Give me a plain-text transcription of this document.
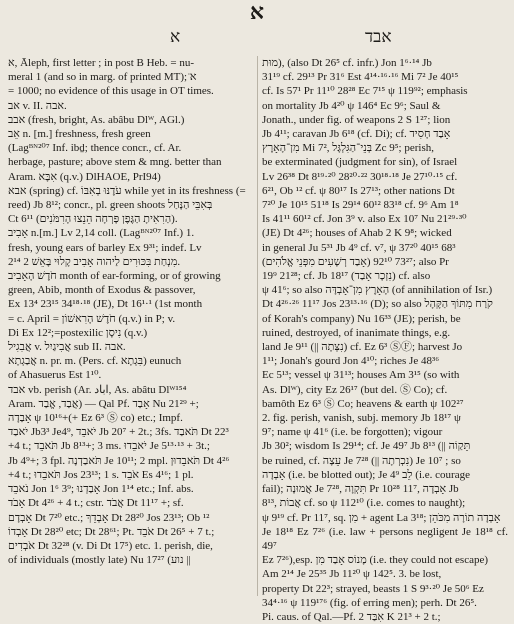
א
א	אבד
א, Āleph, first letter ; in post B Heb. = nu-
meral 1 (and so in marg. of printed MT); א̈
= 1000; no evidence of this usage in OT times.
אב v. II. אבה.
אבב (fresh, bright, As. abâbu Dlᵂ, AGl.)
אֵב n. [m.] freshness, fresh green
(Lagᴮᴺ²⁰⁷ Inf. ibḏ; thence concr., cf. Ar.
herbage, pasture; above stem & mng. better than
Aram. אִבָּא (q.v.) DlHAOE, PrI94)
אבא (spring) cf. עֹדֶנּוּ בְאִבּוֹ while yet in its freshness (=
reed) Jb 8¹²; concr., pl. green shoots בְּאִבֵּי הַנָּחַל
Ct 6¹¹ (הַרִאִיתָ הַגֶּפֶן פָּרְחָה הֵנֵצוּ הָרִמֹּנִים).
אָבִיב n.[m.] Lv 2,14 coll. (Lagᴮᴺ²⁰⁷ Inf.) 1.
fresh, young ears of barley Ex 9³¹; indef. Lv
2¹⁴ מִנְחַת בִּכּוּרִים לַיהוה אָבִיב קָלוּי בָּאֵשׁ 2.
חֹדֶשׁ הָאָבִיב month of ear-forming, or of growing
green, Abib, month of Exodus & passover,
Ex 13⁴ 23¹⁵ 34¹⁸·¹⁸ (JE), Dt 16¹·¹ (1st month
= c. April = חֹדֶשׁ הָרִאשׁוֹן (q.v.) in P; v.
Di Ex 12²;=postexilic נִיסָן (q.v.)
אֲבִגִיל v. אֲבִיגַיִל sub II. אבה.
אֲבַגְתָא n. pr. m. (Pers. cf. בִּגְתָא) eunuch
of Ahasuerus Est 1¹⁰.
אבד vb. perish (Ar. اباد, As. abâtu Dlᵂ¹⁵⁴
Aram. אֲבַד, אֱבַד) — Qal Pf. אָבַד Nu 21²⁹ +;
אָבַדָה ψ 10¹⁶+(+ Ez 6³ Ⓢ co) etc.; Impf.
יֹאבַד Jb3³ Je4⁹, יֹאבֵד Jb 20⁷ + 2t.; 3fs. תֹּאבַד Dt 22³
+4 t.; תֹּאבֵד Jb 8¹³+; 3 ms. יֹאבֵדוּ Je 5¹³·¹³ + 3t.;
Jb 4⁹+; 3 fpl. תֹּאבַדְנָה Je 10¹¹; 2 mpl. תֹּאבֵדוּן Dt 4²⁶
+4 t.; תֹּאבֵדוּ Jos 23¹³; 1 s. אֹבֵד Es 4¹⁶; 1 pl.
נֹאבֵד Jon 1⁶ 3⁹; אָבַדְנוּ Jon 1¹⁴ etc.; Inf. abs.
אָבֹד Dt 4²⁶ + 4 t.; cstr. אֲבֹד Dt 11¹⁷ +; sf.
אָבְדָם Dt 7²⁰ etc.; אָבְדֵךְ Dt 28²⁰ Jos 23¹³; Ob ¹²
אָבְדוֹ Dt 28²⁰ etc; Dt 28⁶¹; Pt. אֹבֵד Dt 26⁵ + 7 t.;
אֹבְדִים Dt 32²⁸ (v. Di Dt 17⁵) etc. 1. perish, die,
of individuals (mostly late) Nu 17²⁷ (נוע ||
מוּת), (also Dt 26⁵ cf. infr.) Jon 1⁶·¹⁴ Jb
31¹⁹ cf. 29¹³ Pr 31⁶ Est 4¹⁴·¹⁶·¹⁶ Mi 7² Je 40¹⁵
cf. Is 57¹ Pr 11¹⁰ 28²⁸ Ec 7¹⁵ ψ 119⁹²; emphasis
on mortality Jb 4²⁰ ψ 146⁴ Ec 9⁶; Saul &
Jonath., under fig. of weapons 2 S 1²⁷; lion
Jb 4¹¹; caravan Jb 6¹⁸ (cf. Di); cf. אָבַד חָסִיד
מִן־הָאָרֶץ Mi 7², בְּנֵי־הַגִּלְגָּל Zc 9⁵; perish,
be exterminated (judgment for sin), of Israel
Lv 26³⁸ Dt 8¹⁹·²⁰ 28²⁰·²² 30¹⁸·¹⁸ Je 27¹⁰·¹⁵ cf.
6²¹, Ob ¹² cf. ψ 80¹⁷ Is 27¹³; other nations Dt
7²⁰ Je 10¹⁵ 51¹⁸ Is 29¹⁴ 60¹² 83¹⁸ cf. 9⁶ Am 1⁸
Is 41¹¹ 60¹² cf. Jon 3⁹ v. also Ex 10⁷ Nu 21²⁹·³⁰
(JE) Dt 4²⁶; houses of Ahab 2 K 9⁸; wicked
in general Ju 5³¹ Jb 4⁹ cf. v⁷, ψ 37²⁰ 40¹⁵ 68³
(אָבַד רְשָׁעִים מִפְּנֵי אֱלֹהִים) 73²⁷ 92¹⁰; also Pr
19⁹ 21²⁸; cf. Jb 18¹⁷ (נִזְכָר אָבַד) cf. also
ψ 41⁶; so also הָאָרֶץ מִן־אָבְדָּה (of annihilation of Isr.)
Dt 4²⁶·²⁶ 11¹⁷ Jos 23¹³·¹⁶ (D); so also קֹרַח מִתּוֹךְ הַקָּהָל
of Korah's company) Nu 16³³ (JE); perish, be
ruined, destroyed, of inanimate things, e.g.
land Je 9¹¹ (|| נִצְּתָה) cf. Ez 6³ ⓈⒻ; harvest Jo
1¹¹; Jonah's gourd Jon 4¹⁰; riches Je 48³⁶
Ec 5¹³; vessel ψ 31¹³; houses Am 3¹⁵ (so with
As. Dlᵂ), city Ez 26¹⁷ (but del. Ⓢ Co); cf.
bamôth Ez 6³ Ⓢ Co; heavens & earth ψ 102²⁷
2. fig. perish, vanish, subj. memory Jb 18¹⁷ ψ
9⁷; name ψ 41⁶ (i.e. be forgotten); vigour
Jb 30²; wisdom Is 29¹⁴; cf. Je 49⁷ Jb 8¹³ (|| תֵּקַוֹה
be ruined, cf. עֵצָה Je 7²⁸ (|| נִכְרְתָה) Je 10⁷ ; so
אָבְדָה (i.e. be blotted out); Je 4⁹ לֵב (i.e. courage
fail); אֲמוּנָה Je 7²⁸, תִּקְוָה Pr 10²⁸ 11⁷, אָבְדָה Jb
8¹³, אֲבוֹת cf. so ψ 112¹⁰ (i.e. comes to naught);
ψ 9¹⁹ cf. Pr 11⁷, sq. מִן + agent La 3¹⁸; אָבְדָה תוֹרָה מִכֹּהֵן
Je 18¹⁸ Ez 7²⁶ (i.e. law + persons negligent Je 18¹⁸ cf. 49⁷
Ez 7²⁶),esp. מָנוֹס אָבַד מִן (i.e. they could not escape)
Am 2¹⁴ Je 25³⁵ Jb 11²⁰ ψ 142⁵. 3. be lost,
property Dt 22³; strayed, beasts 1 S 9³·²⁰ Je 50⁶ Ez
34⁴·¹⁶ ψ 119¹⁷⁶ (fig. of erring men); perh. Dt 26⁵.
Pi. caus. of Qal.—Pf. אִבַּד 2 K 21³ + 2 t.;
